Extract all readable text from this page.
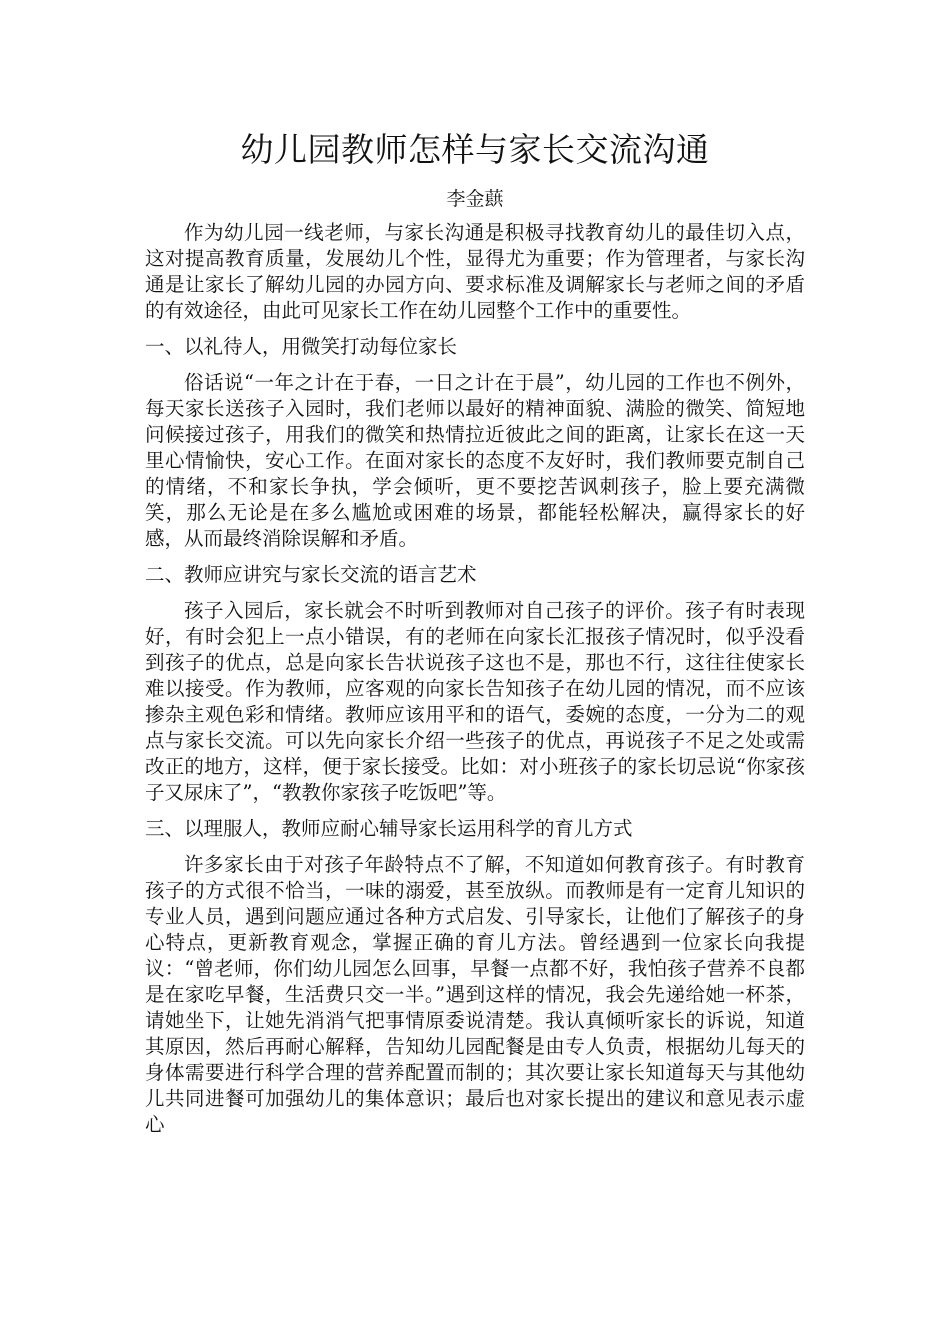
幼儿园教师怎样与家长交流沟通
李金蕻

作为幼儿园一线老师，与家长沟通是积极寻找教育幼儿的最佳切入点，这对提高教育质量，发展幼儿个性，显得尤为重要；作为管理者，与家长沟通是让家长了解幼儿园的办园方向、要求标准及调解家长与老师之间的矛盾的有效途径，由此可见家长工作在幼儿园整个工作中的重要性。

一、以礼待人，用微笑打动每位家长

俗话说“一年之计在于春，一日之计在于晨”，幼儿园的工作也不例外，每天家长送孩子入园时，我们老师以最好的精神面貌、满脸的微笑、简短地问候接过孩子，用我们的微笑和热情拉近彼此之间的距离，让家长在这一天里心情愉快，安心工作。在面对家长的态度不友好时，我们教师要克制自己的情绪，不和家长争执，学会倾听，更不要挖苦讽刺孩子，脸上要充满微笑，那么无论是在多么尴尬或困难的场景，都能轻松解决，赢得家长的好感，从而最终消除误解和矛盾。

二、教师应讲究与家长交流的语言艺术

孩子入园后，家长就会不时听到教师对自己孩子的评价。孩子有时表现好，有时会犯上一点小错误，有的老师在向家长汇报孩子情况时，似乎没看到孩子的优点，总是向家长告状说孩子这也不是，那也不行，这往往使家长难以接受。作为教师，应客观的向家长告知孩子在幼儿园的情况，而不应该掺杂主观色彩和情绪。教师应该用平和的语气，委婉的态度，一分为二的观点与家长交流。可以先向家长介绍一些孩子的优点，再说孩子不足之处或需改正的地方，这样，便于家长接受。比如：对小班孩子的家长切忌说“你家孩子又尿床了”，“教教你家孩子吃饭吧”等。

三、以理服人，教师应耐心辅导家长运用科学的育儿方式

许多家长由于对孩子年龄特点不了解，不知道如何教育孩子。有时教育孩子的方式很不恰当，一味的溺爱，甚至放纵。而教师是有一定育儿知识的专业人员，遇到问题应通过各种方式启发、引导家长，让他们了解孩子的身心特点，更新教育观念，掌握正确的育儿方法。曾经遇到一位家长向我提议：“曾老师，你们幼儿园怎么回事，早餐一点都不好，我怕孩子营养不良都是在家吃早餐，生活费只交一半。”遇到这样的情况，我会先递给她一杯茶，请她坐下，让她先消消气把事情原委说清楚。我认真倾听家长的诉说，知道其原因，然后再耐心解释，告知幼儿园配餐是由专人负责，根据幼儿每天的身体需要进行科学合理的营养配置而制的；其次要让家长知道每天与其他幼儿共同进餐可加强幼儿的集体意识；最后也对家长提出的建议和意见表示虚心
